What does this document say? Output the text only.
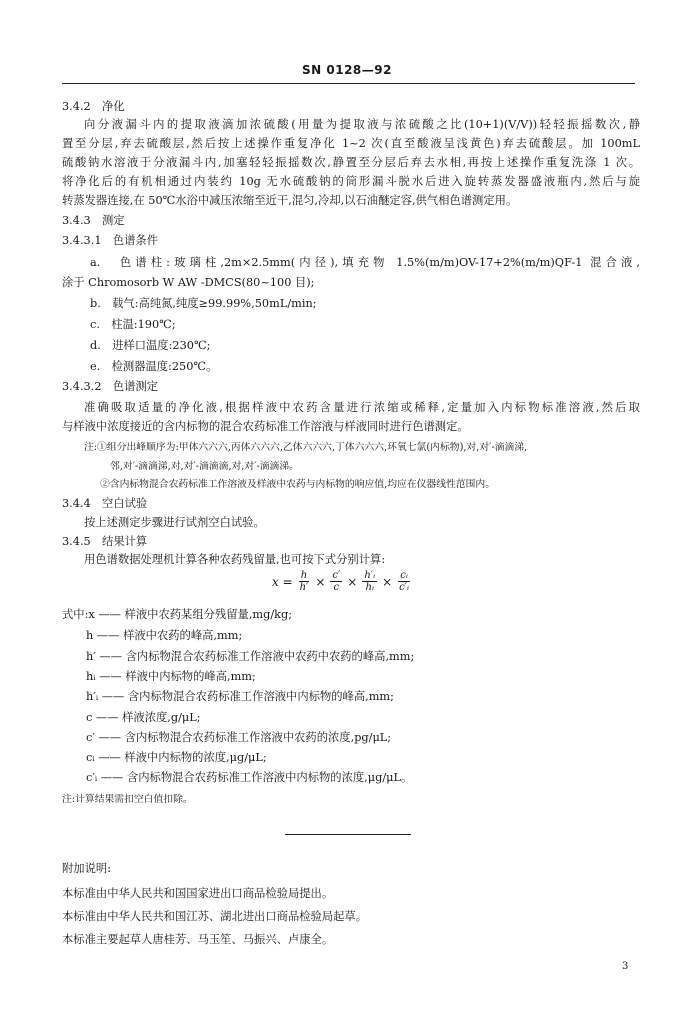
SN 0128—92
3.4.2　净化
向分液漏斗内的提取液滴加浓硫酸(用量为提取液与浓硫酸之比(10+1)(V/V))轻轻振摇数次,静
置至分层,弃去硫酸层,然后按上述操作重复净化 1~2 次(直至酸液呈浅黄色)弃去硫酸层。加 100mL
硫酸钠水溶液于分液漏斗内,加塞轻轻振摇数次,静置至分层后弃去水相,再按上述操作重复洗涤 1 次。
将净化后的有机相通过内装约 10g 无水硫酸钠的筒形漏斗脱水后进入旋转蒸发器盛液瓶内,然后与旋
转蒸发器连接,在 50℃水浴中减压浓缩至近干,混匀,冷却,以石油醚定容,供气相色谱测定用。
3.4.3　测定
3.4.3.1　色谱条件
a.　色谱柱:玻璃柱,2m×2.5mm(内径),填充物 1.5%(m/m)OV-17+2%(m/m)QF-1 混合液,
涂于 Chromosorb W AW -DMCS(80~100 目);
b.　载气:高纯氮,纯度≥99.99%,50mL/min;
c.　柱温:190℃;
d.　进样口温度:230℃;
e.　检测器温度:250℃。
3.4.3.2　色谱测定
准确吸取适量的净化液,根据样液中农药含量进行浓缩或稀释,定量加入内标物标准溶液,然后取
与样液中浓度接近的含内标物的混合农药标准工作溶液与样液同时进行色谱测定。
注:①组分出峰顺序为:甲体六六六,丙体六六六,乙体六六六,丁体六六六,环氧七氯(内标物),对,对′-滴滴涕,
邻,对′-滴滴涕,对,对′-滴滴滴,对,对′-滴滴涕。
②含内标物混合农药标准工作溶液及样液中农药与内标物的响应值,均应在仪器线性范围内。
3.4.4　空白试验
按上述测定步骤进行试剂空白试验。
3.4.5　结果计算
用色谱数据处理机计算各种农药残留量,也可按下式分别计算:
$x = \frac{h}{h'} \times \frac{c'}{c} \times \frac{\text{h′ᵢ}}{\text{hᵢ}} \times \frac{\text{cᵢ}}{\text{c′ᵢ}}$
式中:x —— 样液中农药某组分残留量,mg/kg;
h —— 样液中农药的峰高,mm;
h′ —— 含内标物混合农药标准工作溶液中农药中农药的峰高,mm;
hᵢ —— 样液中内标物的峰高,mm;
h′ᵢ —— 含内标物混合农药标准工作溶液中内标物的峰高,mm;
c —— 样液浓度,g/μL;
c′ —— 含内标物混合农药标准工作溶液中农药的浓度,pg/μL;
cᵢ —— 样液中内标物的浓度,μg/μL;
c′ᵢ —— 含内标物混合农药标准工作溶液中内标物的浓度,μg/μL。
注:计算结果需扣空白值扣除。
附加说明:
本标准由中华人民共和国国家进出口商品检验局提出。
本标准由中华人民共和国江苏、湖北进出口商品检验局起草。
本标准主要起草人唐桂芳、马玉笙、马振兴、卢康全。
3
